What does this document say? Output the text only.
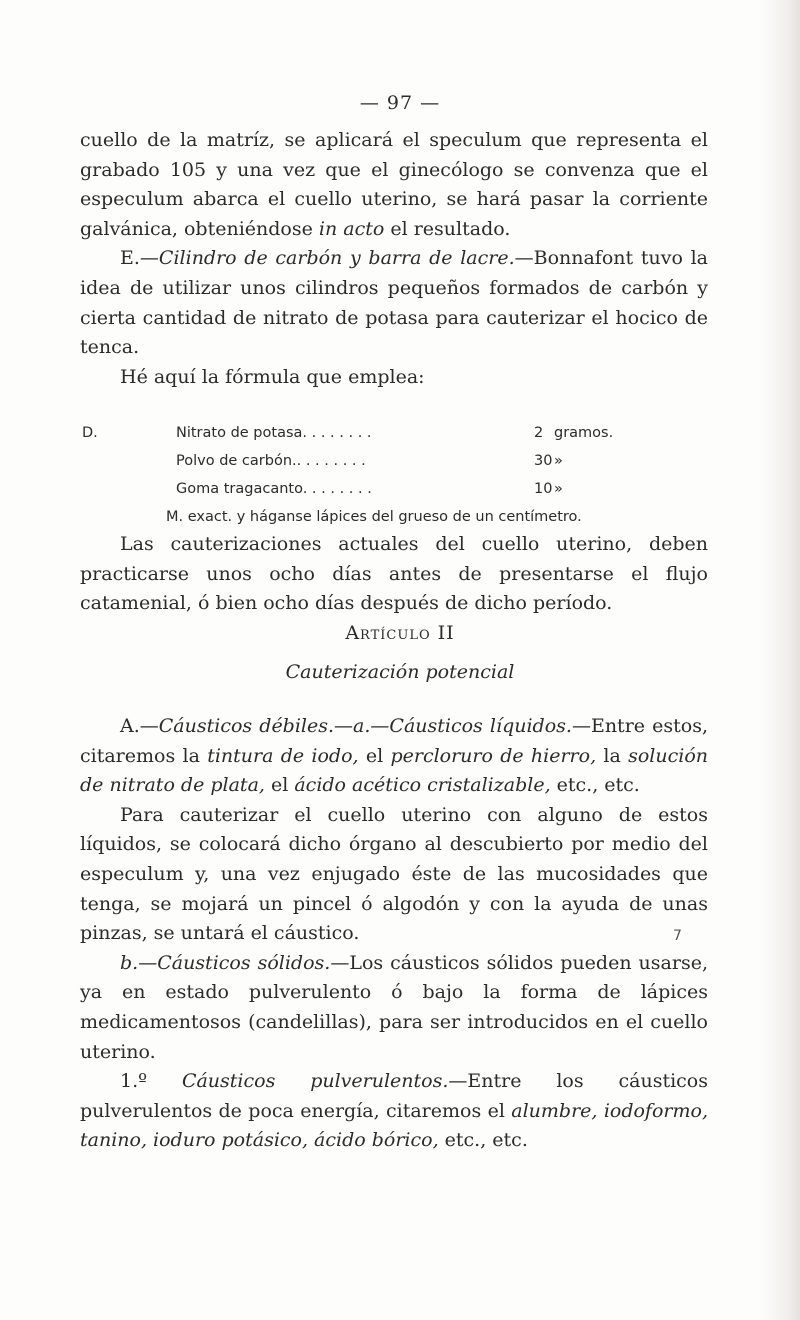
— 97 —

cuello de la matríz, se aplicará el speculum que representa el grabado 105 y una vez que el ginecólogo se convenza que el especulum abarca el cuello uterino, se hará pasar la corriente galvánica, obteniéndose in acto el resultado.

E.—Cilindro de carbón y barra de lacre.—Bonnafont tuvo la idea de utilizar unos cilindros pequeños formados de carbón y cierta cantidad de nitrato de potasa para cauterizar el hocico de tenca.

Hé aquí la fórmula que emplea:

D.	Nitrato de potasa. . . . . . . .	2 gramos.
Polvo de carbón.. . . . . . . .	30 »
Goma tragacanto. . . . . . . .	10 »
M. exact. y háganse lápices del grueso de un centímetro.

Las cauterizaciones actuales del cuello uterino, deben practicarse unos ocho días antes de presentarse el flujo catamenial, ó bien ocho días después de dicho período.

Artículo II
Cauterización potencial

A.—Cáusticos débiles.—a.—Cáusticos líquidos.—Entre estos, citaremos la tintura de iodo, el percloruro de hierro, la solución de nitrato de plata, el ácido acético cristalizable, etc., etc.

Para cauterizar el cuello uterino con alguno de estos líquidos, se colocará dicho órgano al descubierto por medio del especulum y, una vez enjugado éste de las mucosidades que tenga, se mojará un pincel ó algodón y con la ayuda de unas pinzas, se untará el cáustico.

b.—Cáusticos sólidos.—Los cáusticos sólidos pueden usarse, ya en estado pulverulento ó bajo la forma de lápices medicamentosos (candelillas), para ser introducidos en el cuello uterino.

1.º Cáusticos pulverulentos.—Entre los cáusticos pulverulentos de poca energía, citaremos el alumbre, iodoformo, tanino, ioduro potásico, ácido bórico, etc., etc.

7
